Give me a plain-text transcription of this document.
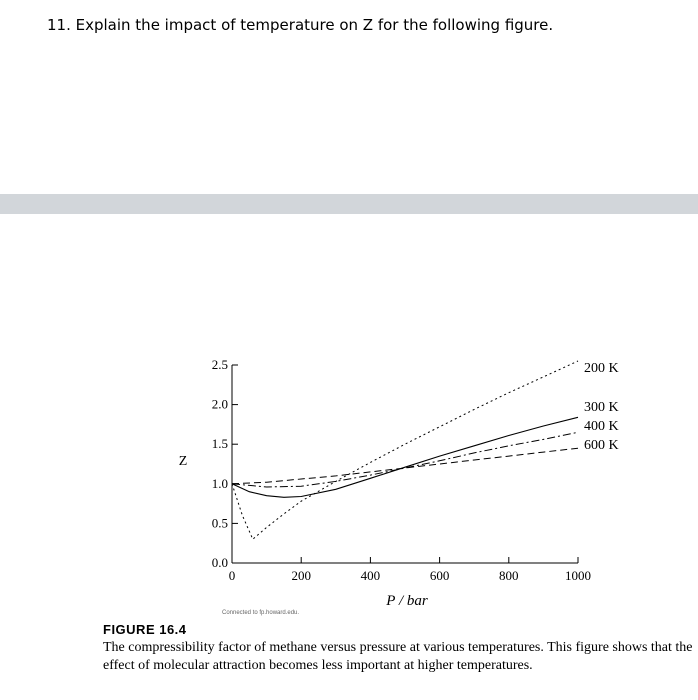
11. Explain the impact of temperature on Z for the following figure.
0.0
0.5
1.0
1.5
2.0
2.5
0	200	400	600	800	1000
Z
P / bar
200 K
300 K
400 K
600 K
Connected to fp.howard.edu.
FIGURE 16.4
The compressibility factor of methane versus pressure at various temperatures. This figure shows that the effect of molecular attraction becomes less important at higher temperatures.
